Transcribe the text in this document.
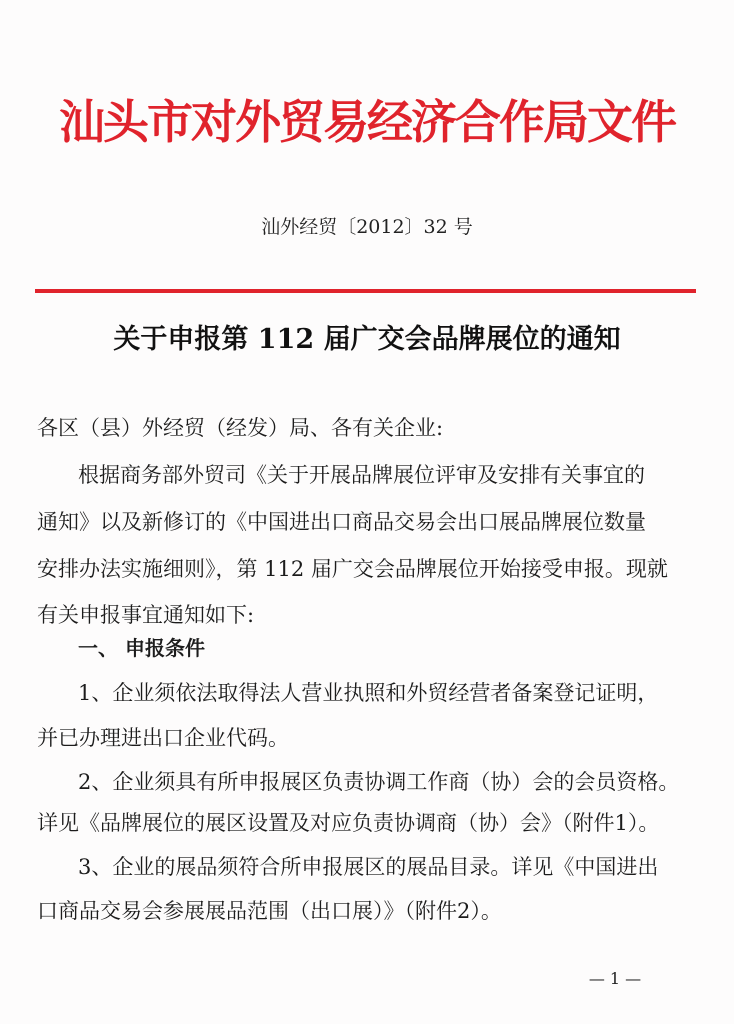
汕头市对外贸易经济合作局文件
汕外经贸〔2012〕32 号
关于申报第 112 届广交会品牌展位的通知
各区（县）外经贸（经发）局、各有关企业:
根据商务部外贸司《关于开展品牌展位评审及安排有关事宜的
通知》以及新修订的《中国进出口商品交易会出口展品牌展位数量
安排办法实施细则》，第 112 届广交会品牌展位开始接受申报。现就
有关申报事宜通知如下:
一、 申报条件
1、企业须依法取得法人营业执照和外贸经营者备案登记证明，
并已办理进出口企业代码。
2、企业须具有所申报展区负责协调工作商（协）会的会员资格。
详见《品牌展位的展区设置及对应负责协调商（协）会》（附件1）。
3、企业的展品须符合所申报展区的展品目录。详见《中国进出
口商品交易会参展展品范围（出口展）》（附件2）。
— 1 —
